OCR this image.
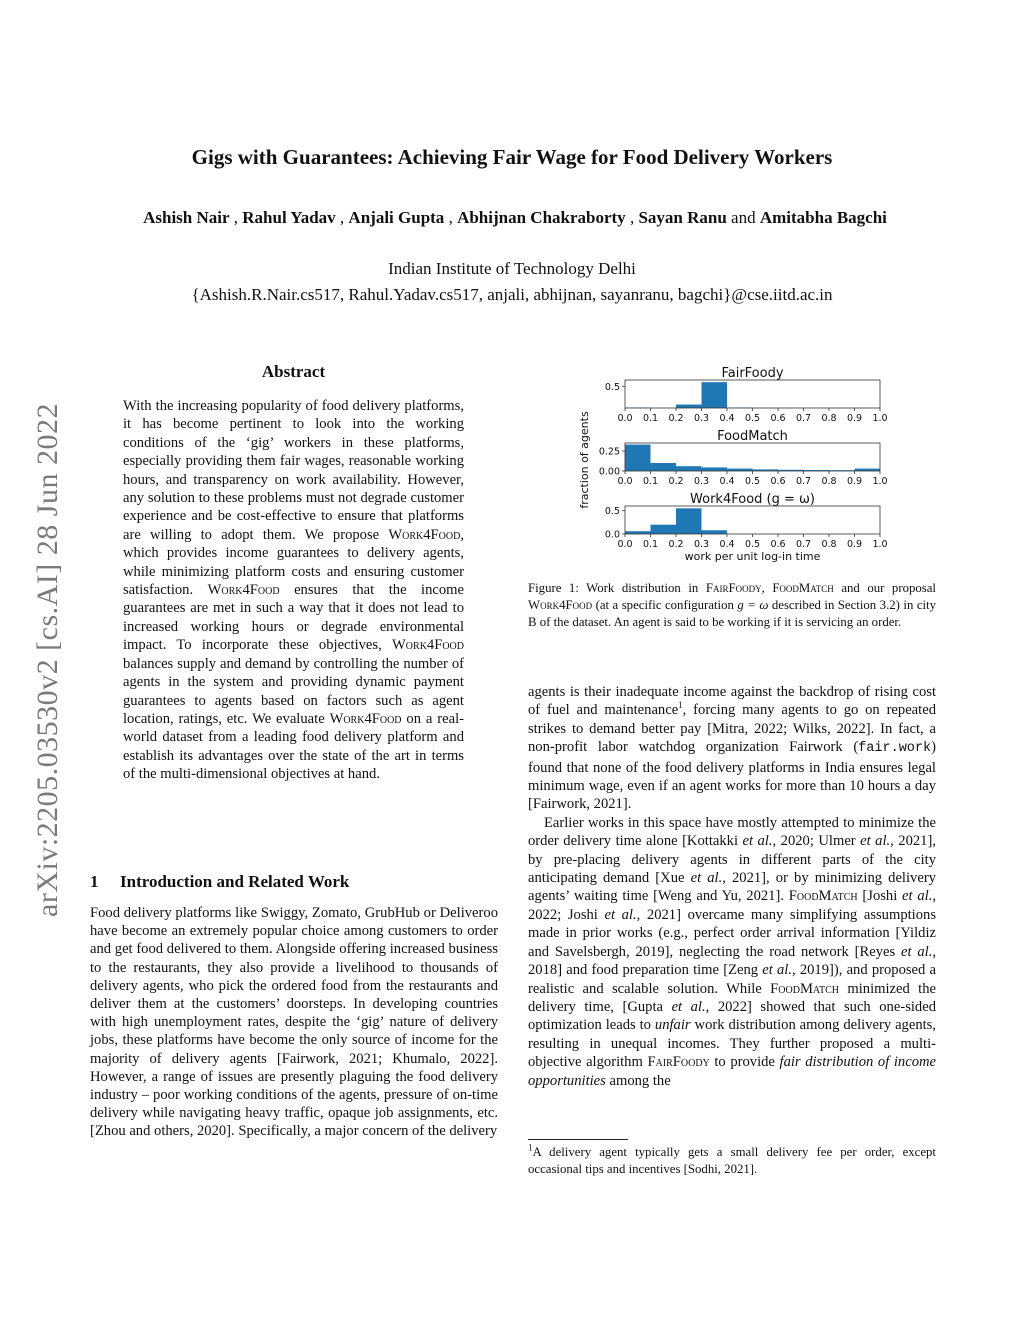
arXiv:2205.03530v2 [cs.AI] 28 Jun 2022
Gigs with Guarantees: Achieving Fair Wage for Food Delivery Workers
Ashish Nair , Rahul Yadav , Anjali Gupta , Abhijnan Chakraborty , Sayan Ranu and Amitabha Bagchi
Indian Institute of Technology Delhi
{Ashish.R.Nair.cs517, Rahul.Yadav.cs517, anjali, abhijnan, sayanranu, bagchi}@cse.iitd.ac.in
Abstract
With the increasing popularity of food delivery platforms, it has become pertinent to look into the working conditions of the ‘gig’ workers in these platforms, especially providing them fair wages, reasonable working hours, and transparency on work availability. However, any solution to these problems must not degrade customer experience and be cost-effective to ensure that platforms are willing to adopt them. We propose Work4Food, which provides income guarantees to delivery agents, while minimizing platform costs and ensuring customer satisfaction. Work4Food ensures that the income guarantees are met in such a way that it does not lead to increased working hours or degrade environmental impact. To incorporate these objectives, Work4Food balances supply and demand by controlling the number of agents in the system and providing dynamic payment guarantees to agents based on factors such as agent location, ratings, etc. We evaluate Work4Food on a real-world dataset from a leading food delivery platform and establish its advantages over the state of the art in terms of the multi-dimensional objectives at hand.
1 Introduction and Related Work
Food delivery platforms like Swiggy, Zomato, GrubHub or Deliveroo have become an extremely popular choice among customers to order and get food delivered to them. Alongside offering increased business to the restaurants, they also provide a livelihood to thousands of delivery agents, who pick the ordered food from the restaurants and deliver them at the customers’ doorsteps. In developing countries with high unemployment rates, despite the ‘gig’ nature of delivery jobs, these platforms have become the only source of income for the majority of delivery agents [Fairwork, 2021; Khumalo, 2022]. However, a range of issues are presently plaguing the food delivery industry – poor working conditions of the agents, pressure of on-time delivery while navigating heavy traffic, opaque job assignments, etc. [Zhou and others, 2020]. Specifically, a major concern of the delivery
FairFoody
0.5
0.0 0.1 0.2 0.3 0.4 0.5 0.6 0.7 0.8 0.9 1.0
FoodMatch
0.00
0.25
0.0 0.1 0.2 0.3 0.4 0.5 0.6 0.7 0.8 0.9 1.0
Work4Food (g = ω)
0.0
0.5
0.0 0.1 0.2 0.3 0.4 0.5 0.6 0.7 0.8 0.9 1.0
work per unit log-in time
fraction of agents
Figure 1: Work distribution in FairFoody, FoodMatch and our proposal Work4Food (at a specific configuration g = ω described in Section 3.2) in city B of the dataset. An agent is said to be working if it is servicing an order.

agents is their inadequate income against the backdrop of rising cost of fuel and maintenance$^1$, forcing many agents to go on repeated strikes to demand better pay [Mitra, 2022; Wilks, 2022]. In fact, a non-profit labor watchdog organization Fairwork (fair.work) found that none of the food delivery platforms in India ensures legal minimum wage, even if an agent works for more than 10 hours a day [Fairwork, 2021].

Earlier works in this space have mostly attempted to minimize the order delivery time alone [Kottakki et al., 2020; Ulmer et al., 2021], by pre-placing delivery agents in different parts of the city anticipating demand [Xue et al., 2021], or by minimizing delivery agents’ waiting time [Weng and Yu, 2021]. FoodMatch [Joshi et al., 2022; Joshi et al., 2021] overcame many simplifying assumptions made in prior works (e.g., perfect order arrival information [Yildiz and Savelsbergh, 2019], neglecting the road network [Reyes et al., 2018] and food preparation time [Zeng et al., 2019]), and proposed a realistic and scalable solution. While FoodMatch minimized the delivery time, [Gupta et al., 2022] showed that such one-sided optimization leads to unfair work distribution among delivery agents, resulting in unequal incomes. They further proposed a multi-objective algorithm FairFoody to provide fair distribution of income opportunities among the

$^1$A delivery agent typically gets a small delivery fee per order, except occasional tips and incentives [Sodhi, 2021].
